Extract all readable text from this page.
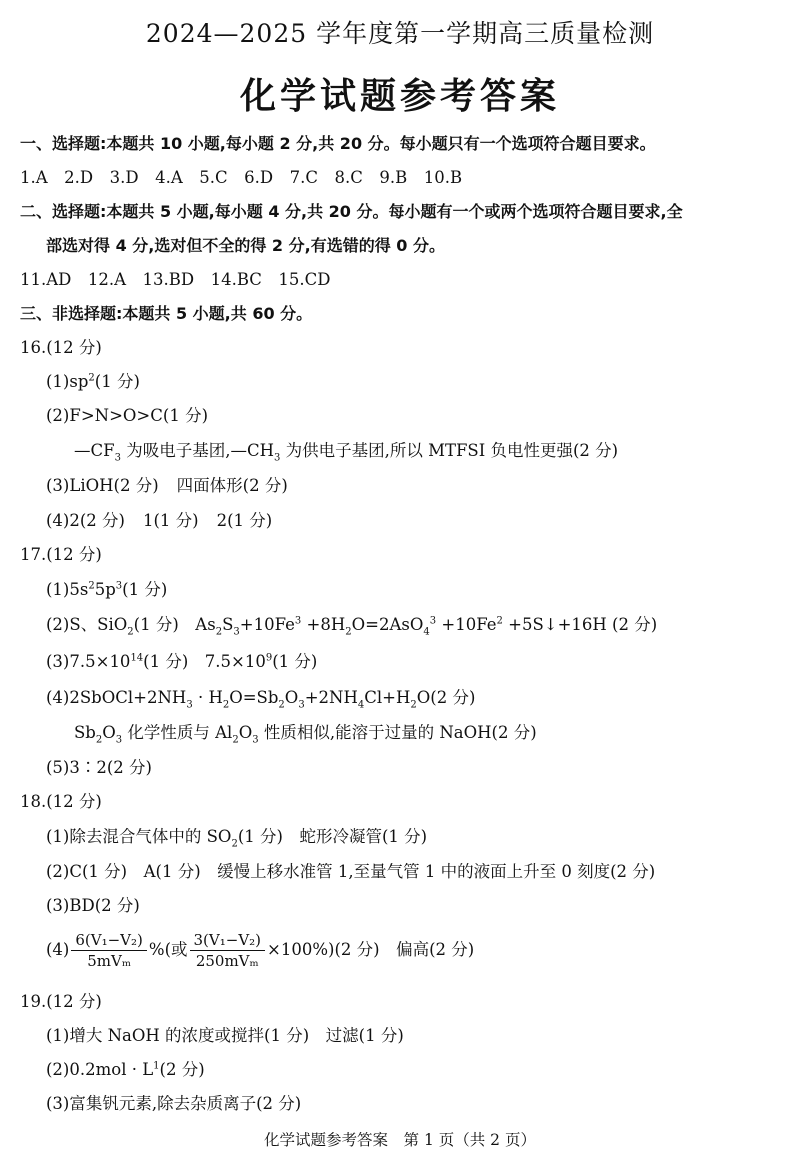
2024—2025 学年度第一学期高三质量检测
化学试题参考答案
一、选择题:本题共 10 小题,每小题 2 分,共 20 分。每小题只有一个选项符合题目要求。
1.A　2.D　3.D　4.A　5.C　6.D　7.C　8.C　9.B　10.B
二、选择题:本题共 5 小题,每小题 4 分,共 20 分。每小题有一个或两个选项符合题目要求,全
部选对得 4 分,选对但不全的得 2 分,有选错的得 0 分。
11.AD　12.A　13.BD　14.BC　15.CD
三、非选择题:本题共 5 小题,共 60 分。
16.(12 分)
$(1)sp^2(1$ 分)
(2)F>N>O>C(1 分)
$—CF_3$ 为吸电子基团$,—CH_3$ 为供电子基团,所以 MTFSI 负电性更强(2 分)
(3)LiOH(2 分) 四面体形(2 分)
(4)2(2 分) 1(1 分) 2(1 分)
17.(12 分)
$(1)5s^25p^3(1$ 分)
(2)S、SiO$_2$(1 分)　$As_2S_3+10Fe^3 +8H_2O=2AsO_4^3 +10Fe^2$ +5S↓+16H (2 分)
$(3)7.5\times 10^{14}(1$ 分)　$7.5\times 10^9(1$ 分)
$(4)2SbOCl+2NH_3 \cdot H_2O=Sb_2O_3+2NH_4Cl+H_2O(2$ 分)
$Sb_2O_3$ 化学性质与 $Al_2O_3$ 性质相似,能溶于过量的 NaOH(2 分)
(5)3∶2(2 分)
18.(12 分)
(1)除去混合气体中的 $SO_2(1$ 分)　蛇形冷凝管(1 分)
(2)C(1 分)　A(1 分)　缓慢上移水准管 1,至量气管 1 中的液面上升至 0 刻度(2 分)
(3)BD(2 分)
$(4) \frac{\text{6(V₁−V₂)}}{\text{5mVₘ}}$ %(或 $\frac{\text{3(V₁−V₂)}}{\text{250mVₘ}} \times 100\%)(2$ 分)　偏高(2 分)
19.(12 分)
(1)增大 NaOH 的浓度或搅拌(1 分)　过滤(1 分)
$(2)0.2mol \cdot L^1(2$ 分)
(3)富集钒元素,除去杂质离子(2 分)
化学试题参考答案　第 1 页（共 2 页）
